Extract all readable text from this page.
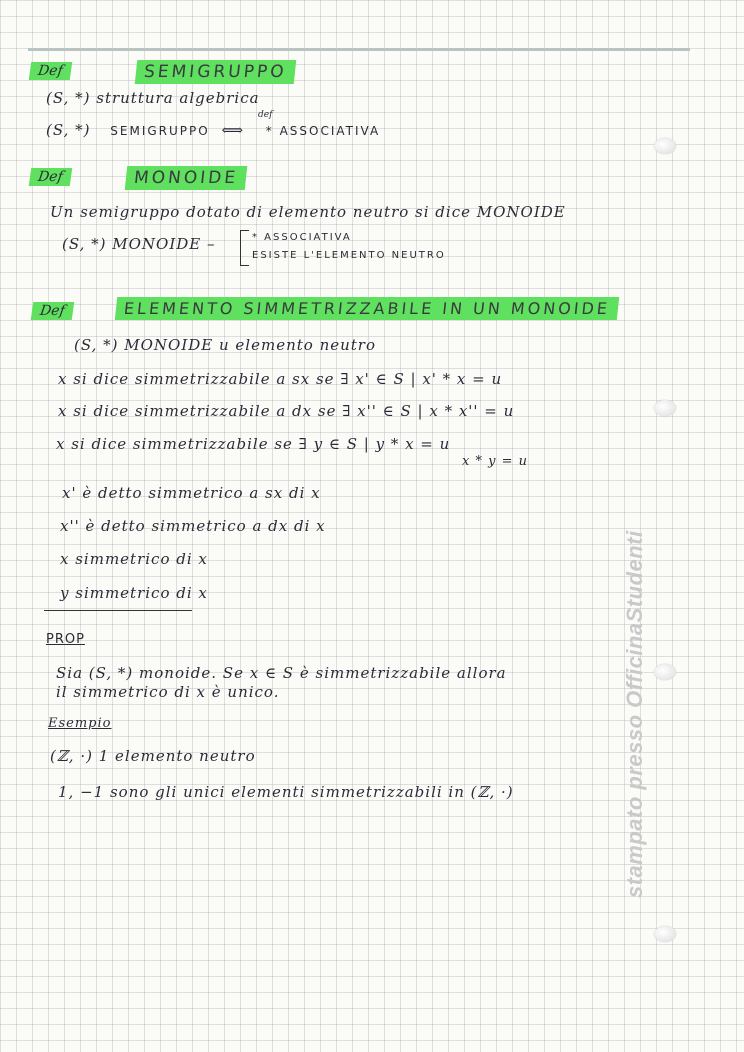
Def	SEMIGRUPPO
(S, *) struttura algebrica
(S, *) SEMIGRUPPO ⟺ * ASSOCIATIVA
def
Def	MONOIDE
Un semigruppo dotato di elemento neutro si dice MONOIDE
(S, *) MONOIDE –	* ASSOCIATIVA
ESISTE L'ELEMENTO NEUTRO
Def	ELEMENTO SIMMETRIZZABILE IN UN MONOIDE
(S, *) MONOIDE u elemento neutro
x si dice simmetrizzabile a sx se ∃ x' ∈ S | x' * x = u
x si dice simmetrizzabile a dx se ∃ x'' ∈ S | x * x'' = u
x si dice simmetrizzabile se ∃ y ∈ S | y * x = u
x * y = u
x' è detto simmetrico a sx di x
x'' è detto simmetrico a dx di x
x simmetrico di x
y simmetrico di x
PROP
Sia (S, *) monoide. Se x ∈ S è simmetrizzabile allora
il simmetrico di x è unico.
Esempio
(ℤ, ·) 1 elemento neutro
1, −1 sono gli unici elementi simmetrizzabili in (ℤ, ·)	stampato presso OfficinaStudenti
